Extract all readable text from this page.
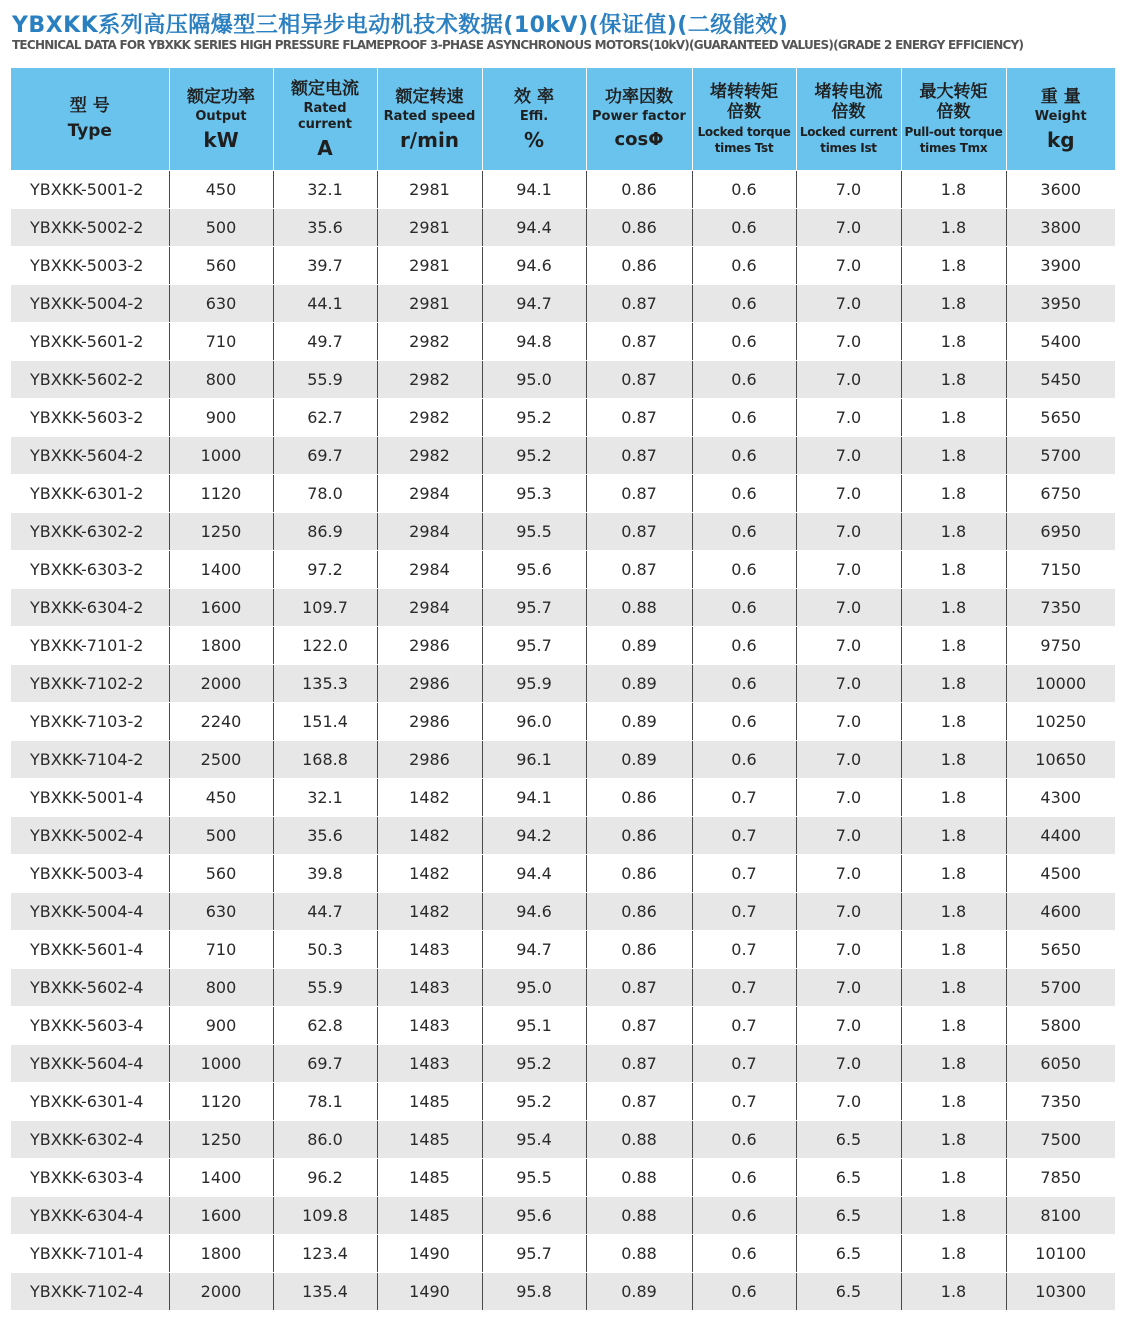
YBXKK系列高压隔爆型三相异步电动机技术数据(10kV)(保证值)(二级能效)
TECHNICAL DATA FOR YBXKK SERIES HIGH PRESSURE FLAMEPROOF 3-PHASE ASYNCHRONOUS MOTORS(10kV)(GUARANTEED VALUES)(GRADE 2 ENERGY EFFICIENCY)
型 号
Type	额定功率
Output
kW	额定电流
Rated current
A	额定转速
Rated speed
r/min	效 率
Effi.
%	功率因数
Power factor
cosΦ	堵转转矩
倍数
Locked torque
times Tst	堵转电流
倍数
Locked current
times Ist	最大转矩
倍数
Pull-out torque
times Tmx	重 量
Weight
kg

YBXKK-5001-2	450	32.1	2981	94.1	0.86	0.6	7.0	1.8	3600
YBXKK-5002-2	500	35.6	2981	94.4	0.86	0.6	7.0	1.8	3800
YBXKK-5003-2	560	39.7	2981	94.6	0.86	0.6	7.0	1.8	3900
YBXKK-5004-2	630	44.1	2981	94.7	0.87	0.6	7.0	1.8	3950
YBXKK-5601-2	710	49.7	2982	94.8	0.87	0.6	7.0	1.8	5400
YBXKK-5602-2	800	55.9	2982	95.0	0.87	0.6	7.0	1.8	5450
YBXKK-5603-2	900	62.7	2982	95.2	0.87	0.6	7.0	1.8	5650
YBXKK-5604-2	1000	69.7	2982	95.2	0.87	0.6	7.0	1.8	5700
YBXKK-6301-2	1120	78.0	2984	95.3	0.87	0.6	7.0	1.8	6750
YBXKK-6302-2	1250	86.9	2984	95.5	0.87	0.6	7.0	1.8	6950
YBXKK-6303-2	1400	97.2	2984	95.6	0.87	0.6	7.0	1.8	7150
YBXKK-6304-2	1600	109.7	2984	95.7	0.88	0.6	7.0	1.8	7350
YBXKK-7101-2	1800	122.0	2986	95.7	0.89	0.6	7.0	1.8	9750
YBXKK-7102-2	2000	135.3	2986	95.9	0.89	0.6	7.0	1.8	10000
YBXKK-7103-2	2240	151.4	2986	96.0	0.89	0.6	7.0	1.8	10250
YBXKK-7104-2	2500	168.8	2986	96.1	0.89	0.6	7.0	1.8	10650
YBXKK-5001-4	450	32.1	1482	94.1	0.86	0.7	7.0	1.8	4300
YBXKK-5002-4	500	35.6	1482	94.2	0.86	0.7	7.0	1.8	4400
YBXKK-5003-4	560	39.8	1482	94.4	0.86	0.7	7.0	1.8	4500
YBXKK-5004-4	630	44.7	1482	94.6	0.86	0.7	7.0	1.8	4600
YBXKK-5601-4	710	50.3	1483	94.7	0.86	0.7	7.0	1.8	5650
YBXKK-5602-4	800	55.9	1483	95.0	0.87	0.7	7.0	1.8	5700
YBXKK-5603-4	900	62.8	1483	95.1	0.87	0.7	7.0	1.8	5800
YBXKK-5604-4	1000	69.7	1483	95.2	0.87	0.7	7.0	1.8	6050
YBXKK-6301-4	1120	78.1	1485	95.2	0.87	0.7	7.0	1.8	7350
YBXKK-6302-4	1250	86.0	1485	95.4	0.88	0.6	6.5	1.8	7500
YBXKK-6303-4	1400	96.2	1485	95.5	0.88	0.6	6.5	1.8	7850
YBXKK-6304-4	1600	109.8	1485	95.6	0.88	0.6	6.5	1.8	8100
YBXKK-7101-4	1800	123.4	1490	95.7	0.88	0.6	6.5	1.8	10100
YBXKK-7102-4	2000	135.4	1490	95.8	0.89	0.6	6.5	1.8	10300
